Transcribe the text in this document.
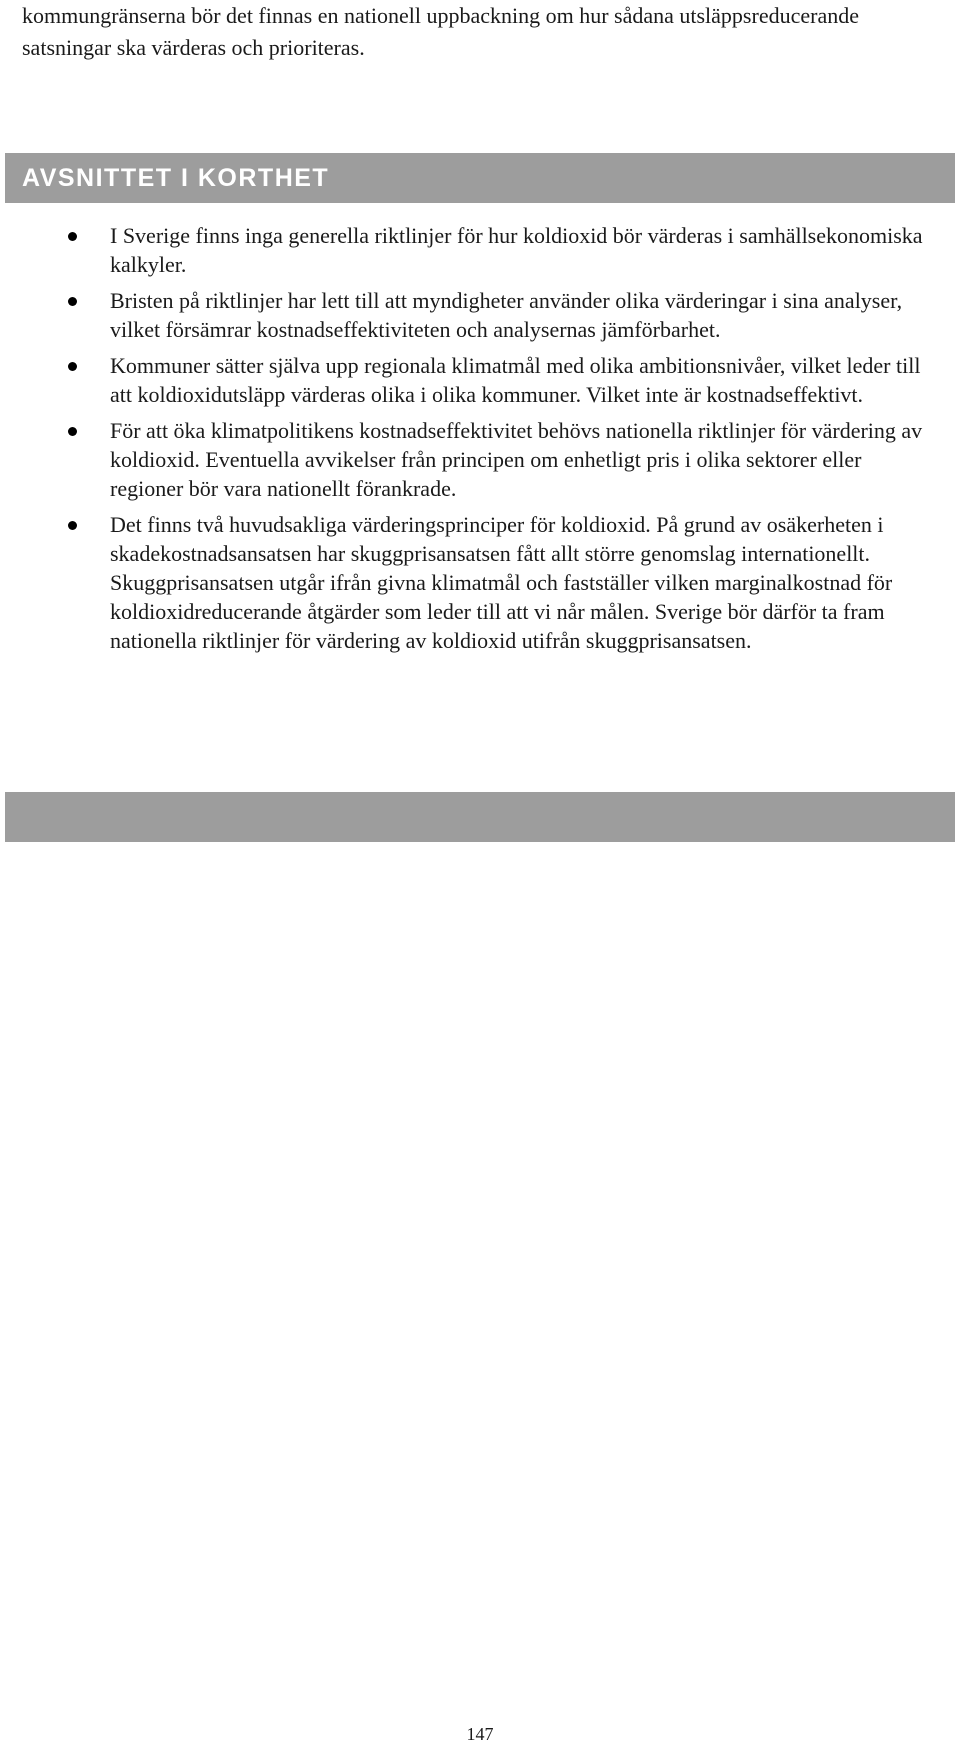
kommungränserna bör det finnas en nationell uppbackning om hur sådana utsläppsreducerande satsningar ska värderas och prioriteras.

AVSNITTET I KORTHET
I Sverige finns inga generella riktlinjer för hur koldioxid bör värderas i samhällsekonomiska kalkyler.
Bristen på riktlinjer har lett till att myndigheter använder olika värderingar i sina analyser, vilket försämrar kostnadseffektiviteten och analysernas jämförbarhet.
Kommuner sätter själva upp regionala klimatmål med olika ambitionsnivåer, vilket leder till att koldioxidutsläpp värderas olika i olika kommuner. Vilket inte är kostnadseffektivt.
För att öka klimatpolitikens kostnadseffektivitet behövs nationella riktlinjer för värdering av koldioxid. Eventuella avvikelser från principen om enhetligt pris i olika sektorer eller regioner bör vara nationellt förankrade.
Det finns två huvudsakliga värderingsprinciper för koldioxid. På grund av osäkerheten i skadekostnadsansatsen har skuggprisansatsen fått allt större genomslag internationellt. Skuggprisansatsen utgår ifrån givna klimatmål och fastställer vilken marginalkostnad för koldioxidreducerande åtgärder som leder till att vi når målen. Sverige bör därför ta fram nationella riktlinjer för värdering av koldioxid utifrån skuggprisansatsen.
147
